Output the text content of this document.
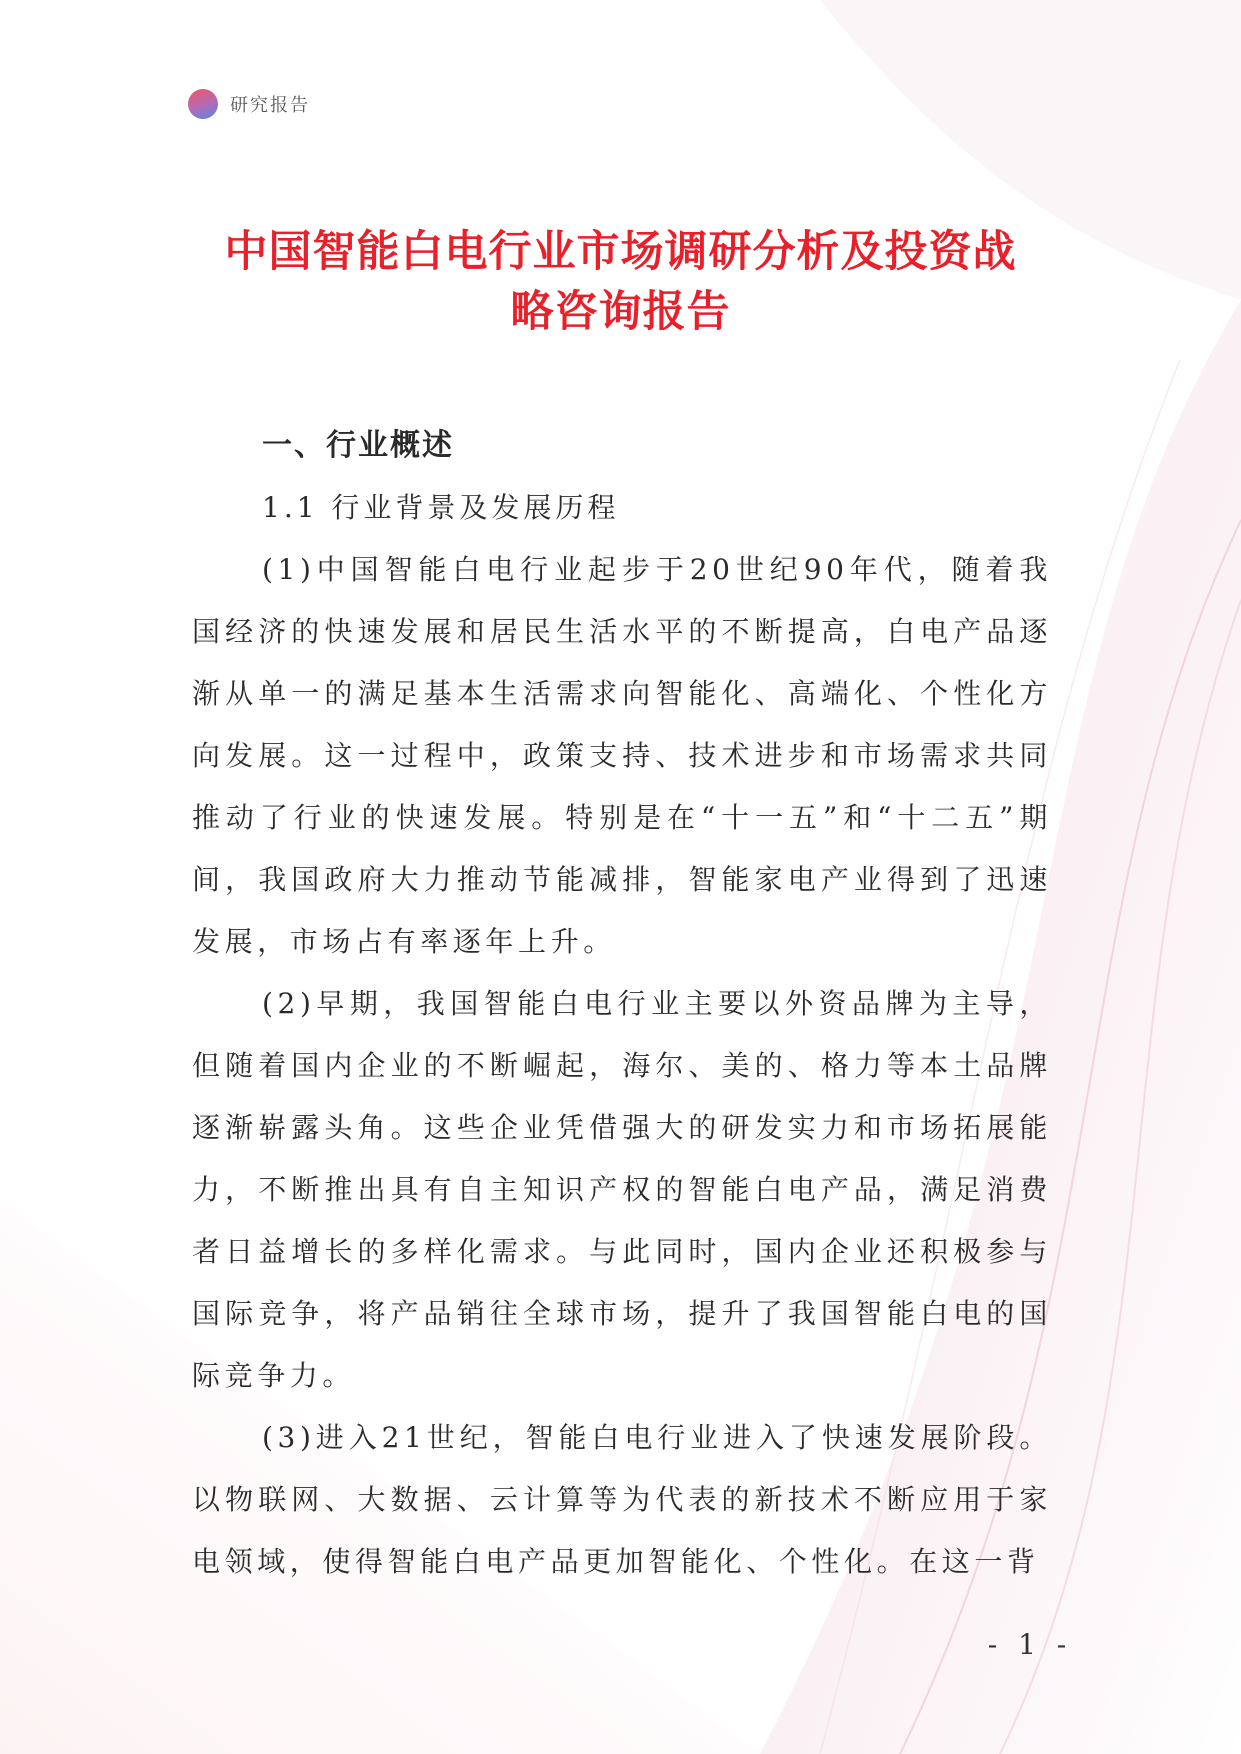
研究报告
中国智能白电行业市场调研分析及投资战
略咨询报告
一、行业概述
1.1 行业背景及发展历程

(1)中国智能白电行业起步于20世纪90年代，随着我国经济的快速发展和居民生活水平的不断提高，白电产品逐渐从单一的满足基本生活需求向智能化、高端化、个性化方向发展。这一过程中，政策支持、技术进步和市场需求共同推动了行业的快速发展。特别是在“十一五”和“十二五”期间，我国政府大力推动节能减排，智能家电产业得到了迅速发展，市场占有率逐年上升。

(2)早期，我国智能白电行业主要以外资品牌为主导，但随着国内企业的不断崛起，海尔、美的、格力等本土品牌逐渐崭露头角。这些企业凭借强大的研发实力和市场拓展能力，不断推出具有自主知识产权的智能白电产品，满足消费者日益增长的多样化需求。与此同时，国内企业还积极参与国际竞争，将产品销往全球市场，提升了我国智能白电的国际竞争力。

(3)进入21世纪，智能白电行业进入了快速发展阶段。以物联网、大数据、云计算等为代表的新技术不断应用于家电领域，使得智能白电产品更加智能化、个性化。在这一背

- 1 -
